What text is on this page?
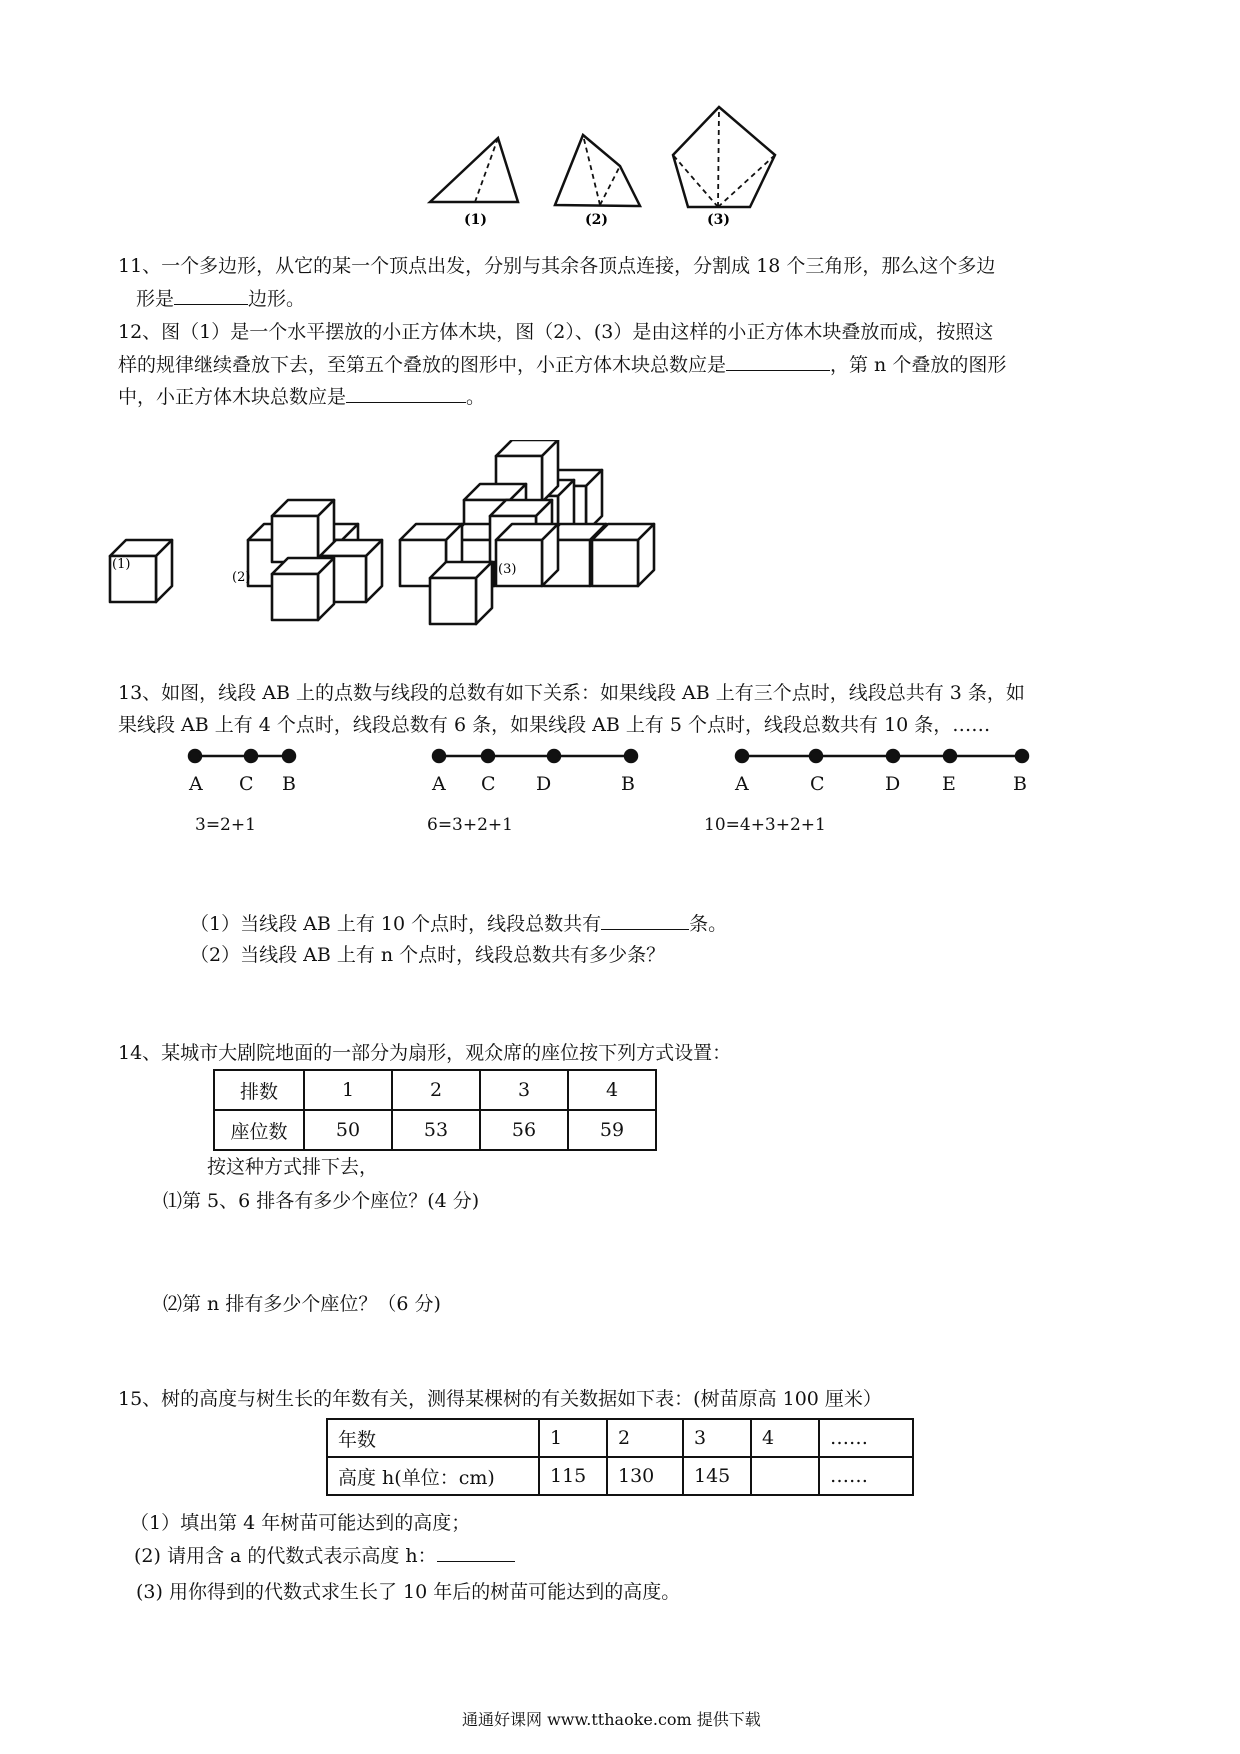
(1)	(2)	(3)
11、一个多边形，从它的某一个顶点出发，分别与其余各顶点连接，分割成 18 个三角形，那么这个多边
形是	边形。
12、图（1）是一个水平摆放的小正方体木块，图（2）、(3）是由这样的小正方体木块叠放而成，按照这
样的规律继续叠放下去，至第五个叠放的图形中，小正方体木块总数应是	，第 n 个叠放的图形
中，小正方体木块总数应是	。
(1)
(2)
(3)
13、如图，线段 AB 上的点数与线段的总数有如下关系：如果线段 AB 上有三个点时，线段总共有 3 条，如
果线段 AB 上有 4 个点时，线段总数有 6 条，如果线段 AB 上有 5 个点时，线段总数共有 10 条，……
A C B
3=2+1
A C D	B
6=3+2+1
A	C	D E	B
10=4+3+2+1
（1）当线段 AB 上有 10 个点时，线段总数共有	条。
（2）当线段 AB 上有 n 个点时，线段总数共有多少条？
14、某城市大剧院地面的一部分为扇形，观众席的座位按下列方式设置：
排数	1	2	3	4
座位数	50	53	56	59
按这种方式排下去，
⑴第 5、6 排各有多少个座位？(4 分)
⑵第 n 排有多少个座位？（6 分)
15、树的高度与树生长的年数有关，测得某棵树的有关数据如下表：(树苗原高 100 厘米）
年数	1	2	3	4	……
高度 h(单位：cm)	115	130	145		……
（1）填出第 4 年树苗可能达到的高度；
(2) 请用含 a 的代数式表示高度 h：
(3) 用你得到的代数式求生长了 10 年后的树苗可能达到的高度。
通通好课网 www.tthaoke.com 提供下载
